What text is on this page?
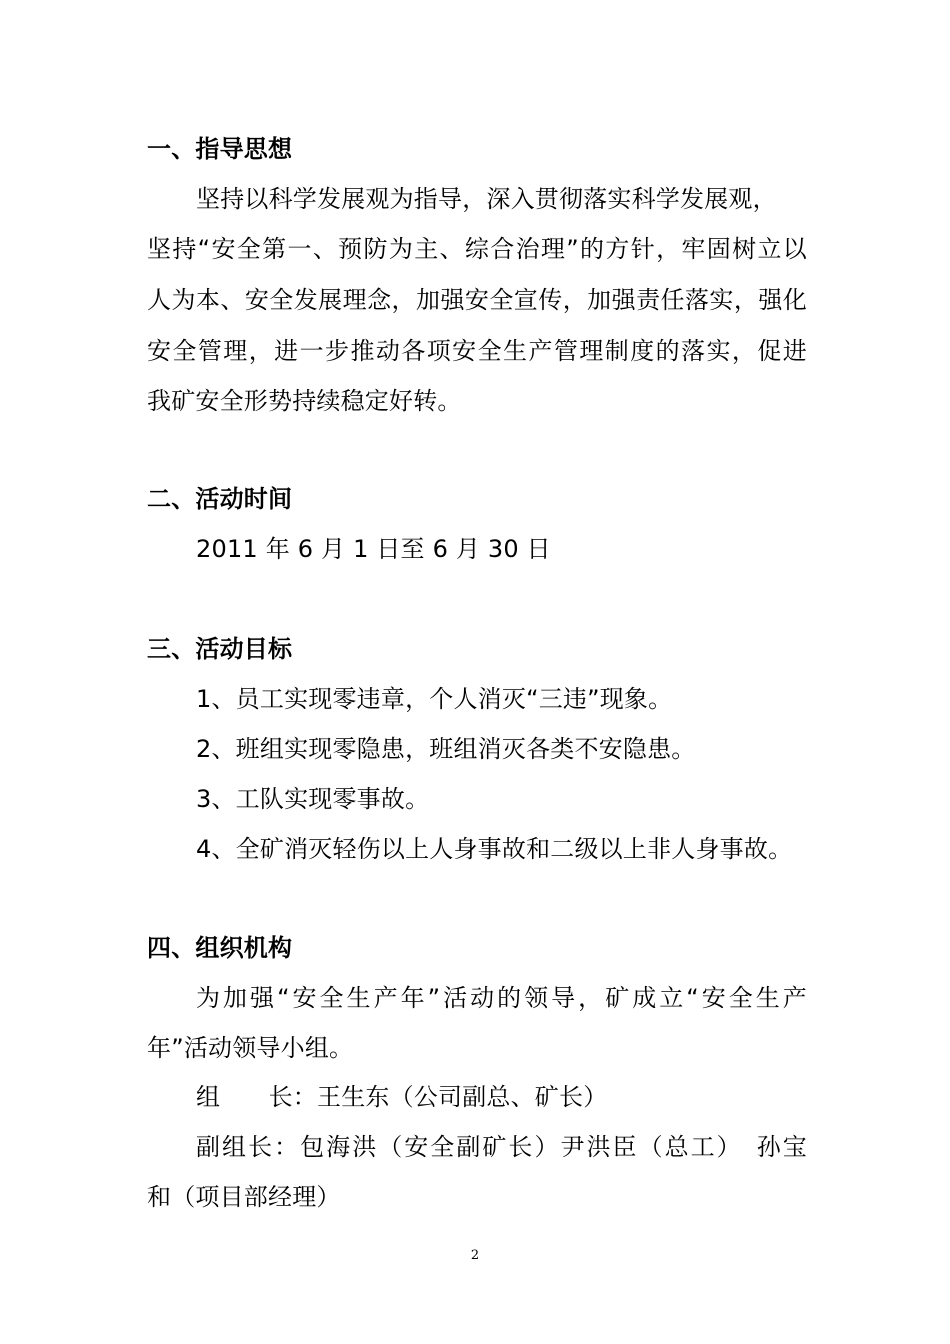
一、指导思想
坚持以科学发展观为指导，深入贯彻落实科学发展观，
坚持“安全第一、预防为主、综合治理”的方针，牢固树立以
人为本、安全发展理念，加强安全宣传，加强责任落实，强化
安全管理，进一步推动各项安全生产管理制度的落实，促进
我矿安全形势持续稳定好转。
二、活动时间
2011 年 6 月 1 日至 6 月 30 日
三、活动目标
1、员工实现零违章，个人消灭“三违”现象。
2、班组实现零隐患，班组消灭各类不安隐患。
3、工队实现零事故。
4、全矿消灭轻伤以上人身事故和二级以上非人身事故。
四、组织机构
为加强“安全生产年”活动的领导，矿成立“安全生产
年”活动领导小组。
组　　长：王生东（公司副总、矿长）
副组长：包海洪（安全副矿长）尹洪臣（总工）　孙宝
和（项目部经理）
2
